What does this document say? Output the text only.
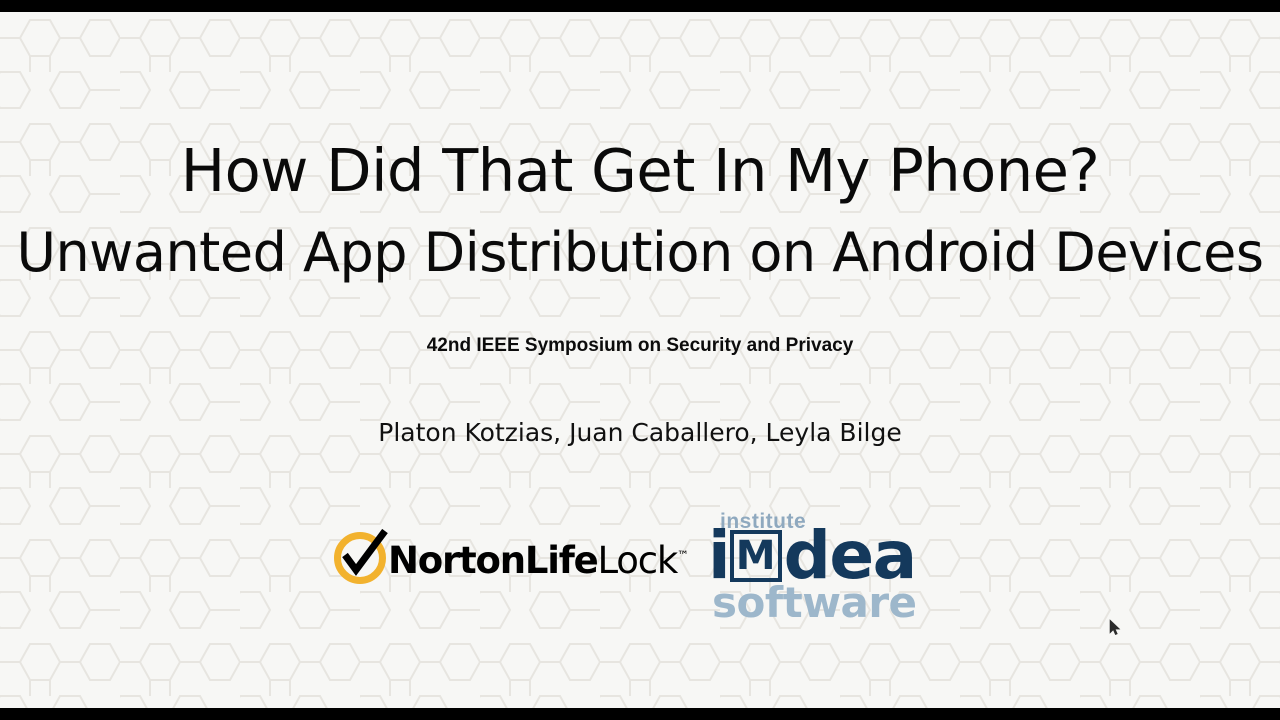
How Did That Get In My Phone?
Unwanted App Distribution on Android Devices
42nd IEEE Symposium on Security and Privacy
Platon Kotzias, Juan Caballero, Leyla Bilge
NortonLifeLock™ i M dea
institute
software
